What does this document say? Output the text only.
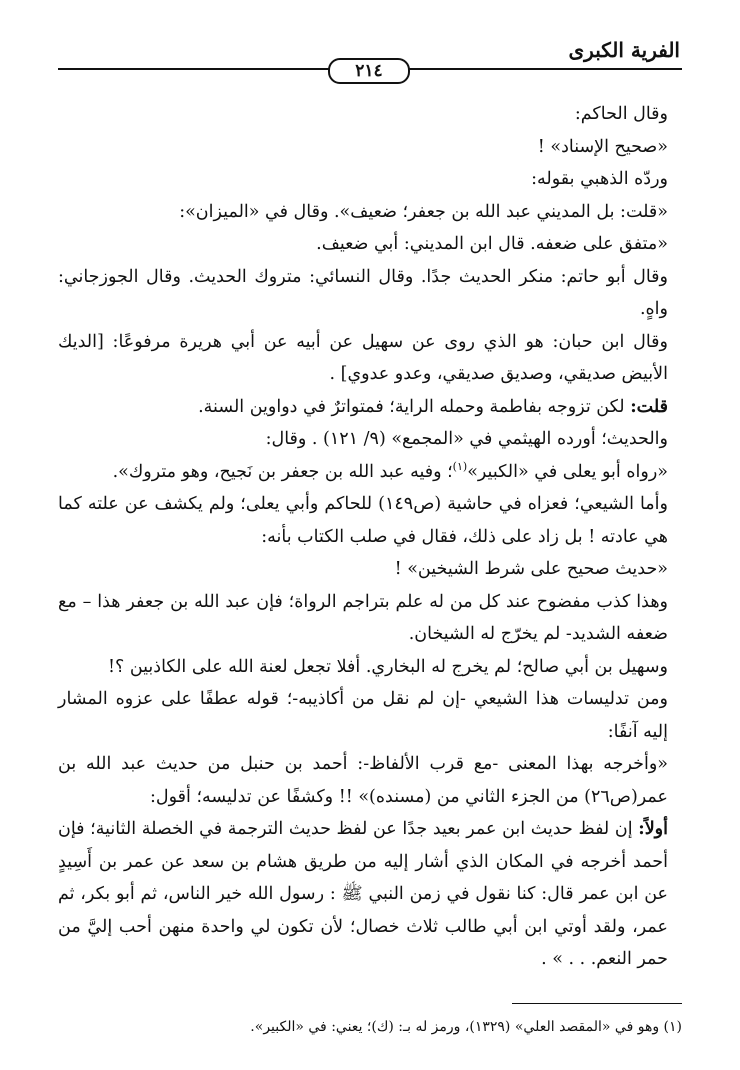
الفرية الكبرى
٢١٤

وقال الحاكم:

«صحيح الإسناد» !

وردّه الذهبي بقوله:

«قلت: بل المديني عبد الله بن جعفر؛ ضعيف». وقال في «الميزان»:

«متفق على ضعفه. قال ابن المديني: أبي ضعيف.

وقال أبو حاتم: منكر الحديث جدًا. وقال النسائي: متروك الحديث. وقال الجوزجاني: واهٍ.

وقال ابن حبان: هو الذي روى عن سهيل عن أبيه عن أبي هريرة مرفوعًا: [الديك الأبيض صديقي، وصديق صديقي، وعدو عدوي] .

قلت: لكن تزوجه بفاطمة وحمله الراية؛ فمتواترٌ في دواوين السنة.

والحديث؛ أورده الهيثمي في «المجمع» (٩/ ١٢١) . وقال:

«رواه أبو يعلى في «الكبير»$^{(١)}$؛ وفيه عبد الله بن جعفر بن نَجيح، وهو متروك».

وأما الشيعي؛ فعزاه في حاشية (ص١٤٩) للحاكم وأبي يعلى؛ ولم يكشف عن علته كما هي عادته ! بل زاد على ذلك، فقال في صلب الكتاب بأنه:

«حديث صحيح على شرط الشيخين» !

وهذا كذب مفضوح عند كل من له علم بتراجم الرواة؛ فإن عبد الله بن جعفر هذا – مع ضعفه الشديد- لم يخرّج له الشيخان.

وسهيل بن أبي صالح؛ لم يخرج له البخاري. أفلا تجعل لعنة الله على الكاذبين ؟!

ومن تدليسات هذا الشيعي -إن لم نقل من أكاذيبه-؛ قوله عطفًا على عزوه المشار إليه آنفًا:

«وأخرجه بهذا المعنى -مع قرب الألفاظ-: أحمد بن حنبل من حديث عبد الله بن عمر(ص٢٦) من الجزء الثاني من (مسنده)» !! وكشفًا عن تدليسه؛ أقول:

أولاً: إن لفظ حديث ابن عمر بعيد جدًا عن لفظ حديث الترجمة في الخصلة الثانية؛ فإن أحمد أخرجه في المكان الذي أشار إليه من طريق هشام بن سعد عن عمر بن أَسِيدٍ عن ابن عمر قال: كنا نقول في زمن النبي ﷺ : رسول الله خير الناس، ثم أبو بكر، ثم عمر، ولقد أوتي ابن أبي طالب ثلاث خصال؛ لأن تكون لي واحدة منهن أحب إليَّ من حمر النعم. . . » .

(١) وهو في «المقصد العلي» (١٣٢٩)، ورمز له بـ: (ك)؛ يعني: في «الكبير».
